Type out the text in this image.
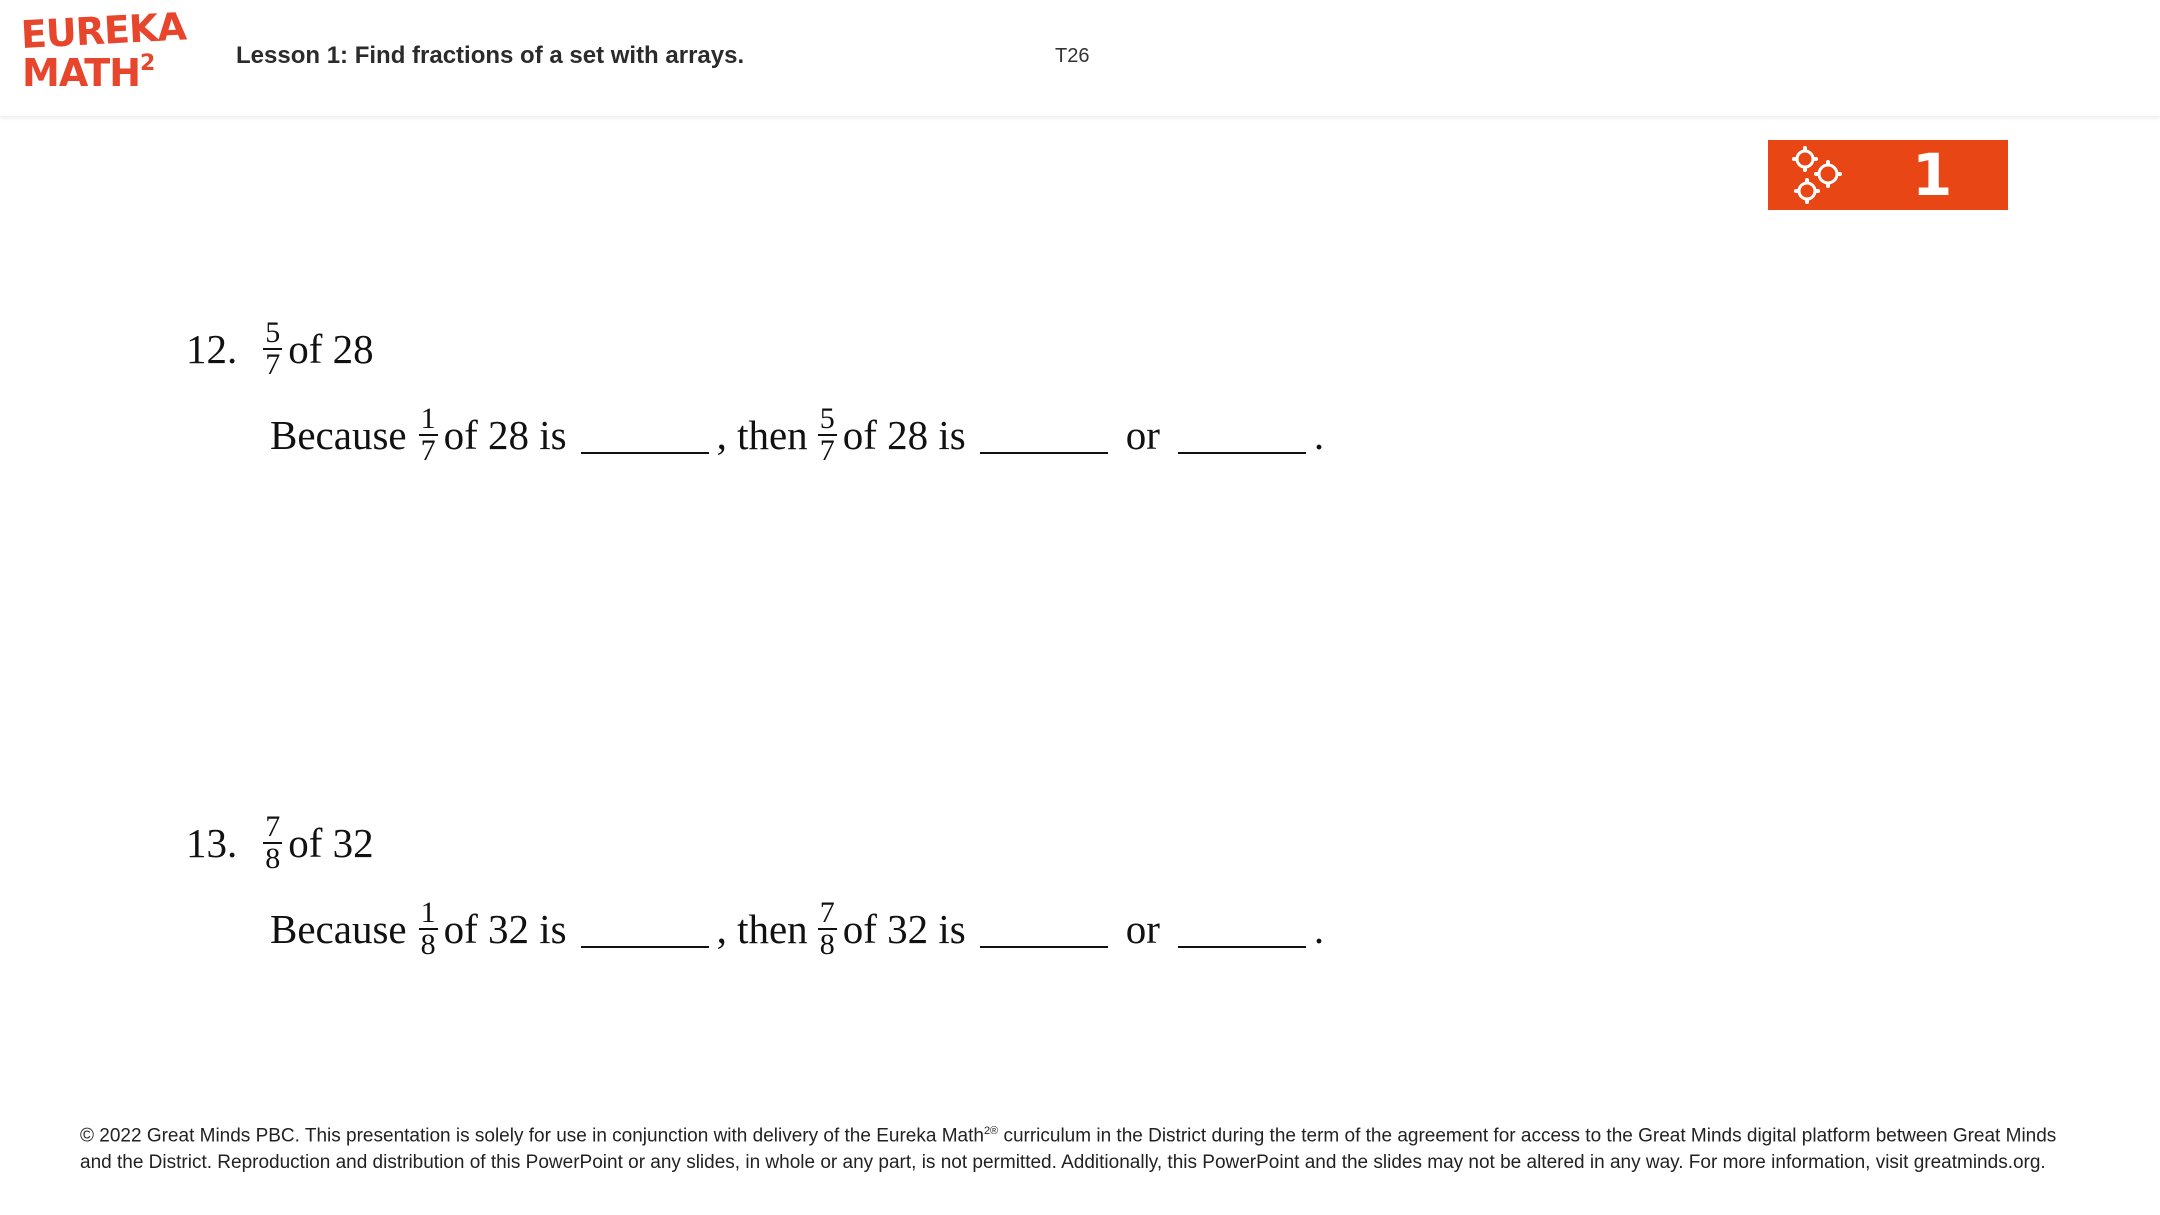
EUREKA
MATH$^2$	Lesson 1: Find fractions of a set with arrays.	T26
1
12. $\frac{5}{7}$ of 28
Because $\frac{1}{7}$ of 28 is	, then $\frac{5}{7}$ of 28 is	or	.
13. $\frac{7}{8}$ of 32
Because $\frac{1}{8}$ of 32 is	, then $\frac{7}{8}$ of 32 is	or	.
© 2022 Great Minds PBC. This presentation is solely for use in conjunction with delivery of the Eureka Math$^{2®}$ curriculum in the District during the term of the agreement for access to the Great Minds digital platform between Great Minds and the District. Reproduction and distribution of this PowerPoint or any slides, in whole or any part, is not permitted. Additionally, this PowerPoint and the slides may not be altered in any way. For more information, visit greatminds.org.
